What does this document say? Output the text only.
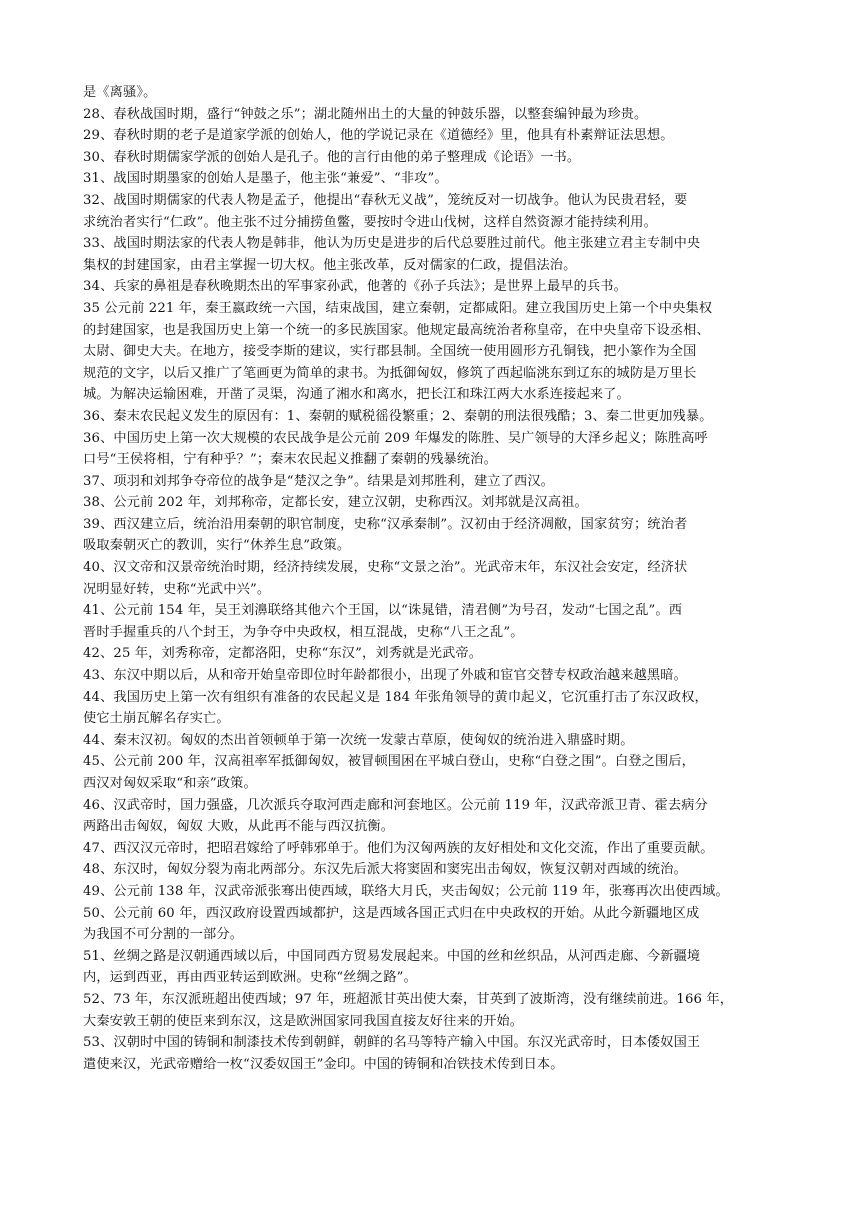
是《离骚》。
28、春秋战国时期，盛行“钟鼓之乐”；湖北随州出土的大量的钟鼓乐器，以整套编钟最为珍贵。
29、春秋时期的老子是道家学派的创始人，他的学说记录在《道德经》里，他具有朴素辩证法思想。
30、春秋时期儒家学派的创始人是孔子。他的言行由他的弟子整理成《论语》一书。
31、战国时期墨家的创始人是墨子，他主张“兼爱”、“非攻”。
32、战国时期儒家的代表人物是孟子，他提出“春秋无义战”，笼统反对一切战争。他认为民贵君轻，要
求统治者实行“仁政”。他主张不过分捕捞鱼鳖，要按时令进山伐树，这样自然资源才能持续利用。
33、战国时期法家的代表人物是韩非，他认为历史是进步的后代总要胜过前代。他主张建立君主专制中央
集权的封建国家，由君主掌握一切大权。他主张改革，反对儒家的仁政，提倡法治。
34、兵家的鼻祖是春秋晚期杰出的军事家孙武，他著的《孙子兵法》；是世界上最早的兵书。
35 公元前 221 年，秦王嬴政统一六国，结束战国，建立秦朝，定都咸阳。建立我国历史上第一个中央集权
的封建国家，也是我国历史上第一个统一的多民族国家。他规定最高统治者称皇帝，在中央皇帝下设丞相、
太尉、御史大夫。在地方，接受李斯的建议，实行郡县制。全国统一使用圆形方孔铜钱，把小篆作为全国
规范的文字，以后又推广了笔画更为简单的隶书。为抵御匈奴，修筑了西起临洮东到辽东的城防是万里长
城。为解决运输困难，开凿了灵渠，沟通了湘水和离水，把长江和珠江两大水系连接起来了。
36、秦末农民起义发生的原因有：1、秦朝的赋税徭役繁重；2、秦朝的刑法很残酷；3、秦二世更加残暴。
36、中国历史上第一次大规模的农民战争是公元前 209 年爆发的陈胜、吴广领导的大泽乡起义；陈胜高呼
口号“王侯将相，宁有种乎？”；秦末农民起义推翻了秦朝的残暴统治。
37、项羽和刘邦争夺帝位的战争是“楚汉之争”。结果是刘邦胜利，建立了西汉。
38、公元前 202 年，刘邦称帝，定都长安，建立汉朝，史称西汉。刘邦就是汉高祖。
39、西汉建立后，统治沿用秦朝的职官制度，史称“汉承秦制”。汉初由于经济凋敝，国家贫穷；统治者
吸取秦朝灭亡的教训，实行“休养生息”政策。
40、汉文帝和汉景帝统治时期，经济持续发展，史称“文景之治”。光武帝末年，东汉社会安定，经济状
况明显好转，史称“光武中兴”。
41、公元前 154 年，吴王刘濞联络其他六个王国，以“诛晁错，清君侧”为号召，发动“七国之乱”。西
晋时手握重兵的八个封王，为争夺中央政权，相互混战，史称“八王之乱”。
42、25 年，刘秀称帝，定都洛阳，史称“东汉”，刘秀就是光武帝。
43、东汉中期以后，从和帝开始皇帝即位时年龄都很小，出现了外戚和宦官交替专权政治越来越黑暗。
44、我国历史上第一次有组织有准备的农民起义是 184 年张角领导的黄巾起义，它沉重打击了东汉政权，
使它土崩瓦解名存实亡。
44、秦末汉初。匈奴的杰出首领顿单于第一次统一发蒙古草原，使匈奴的统治进入鼎盛时期。
45、公元前 200 年，汉高祖率军抵御匈奴，被冒顿围困在平城白登山，史称“白登之围”。白登之围后，
西汉对匈奴采取“和亲”政策。
46、汉武帝时，国力强盛，几次派兵夺取河西走廊和河套地区。公元前 119 年，汉武帝派卫青、霍去病分
两路出击匈奴，匈奴 大败，从此再不能与西汉抗衡。
47、西汉汉元帝时，把昭君嫁给了呼韩邪单于。他们为汉匈两族的友好相处和文化交流，作出了重要贡献。
48、东汉时，匈奴分裂为南北两部分。东汉先后派大将窦固和窦宪出击匈奴，恢复汉朝对西域的统治。
49、公元前 138 年，汉武帝派张骞出使西域，联络大月氏，夹击匈奴；公元前 119 年，张骞再次出使西域。
50、公元前 60 年，西汉政府设置西域都护，这是西域各国正式归在中央政权的开始。从此今新疆地区成
为我国不可分割的一部分。
51、丝绸之路是汉朝通西域以后，中国同西方贸易发展起来。中国的丝和丝织品，从河西走廊、今新疆境
内，运到西亚，再由西亚转运到欧洲。史称“丝绸之路”。
52、73 年，东汉派班超出使西域；97 年，班超派甘英出使大秦，甘英到了波斯湾，没有继续前进。166 年，
大秦安敦王朝的使臣来到东汉，这是欧洲国家同我国直接友好往来的开始。
53、汉朝时中国的铸铜和制漆技术传到朝鲜，朝鲜的名马等特产输入中国。东汉光武帝时，日本倭奴国王
遣使来汉，光武帝赠给一枚“汉委奴国王”金印。中国的铸铜和冶铁技术传到日本。
